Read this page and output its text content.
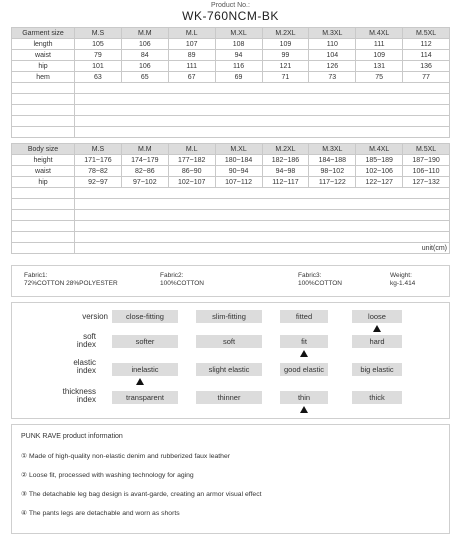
Product No.:
WK-760NCM-BK
Garment size	M.S	M.M	M.L	M.XL	M.2XL	M.3XL	M.4XL	M.5XL
length	105	106	107	108	109	110	111	112
waist	79	84	89	94	99	104	109	114
hip	101	106	111	116	121	126	131	136
hem	63	65	67	69	71	73	75	77

Body size	M.S	M.M	M.L	M.XL	M.2XL	M.3XL	M.4XL	M.5XL
height	171~176	174~179	177~182	180~184	182~186	184~188	185~189	187~190
waist	78~82	82~86	86~90	90~94	94~98	98~102	102~106	106~110
hip	92~97	97~102	102~107	107~112	112~117	117~122	122~127	127~132

	unit(cm)							
Fabric1:
72%COTTON 28%POLYESTER
Fabric2:
100%COTTON
Fabric3:
100%COTTON
Weight:
kg-1.414
version	close-fitting	slim-fitting	fitted	loose
soft
index	softer	soft	fit	hard
elastic
index	inelastic	slight elastic	good elastic	big elastic
thickness
index	transparent	thinner	thin	thick
PUNK RAVE product information
① Made of high-quality non-elastic denim and rubberized faux leather
② Loose fit, processed with washing technology for aging
③ The detachable leg bag design is avant-garde, creating an armor visual effect
④ The pants legs are detachable and worn as shorts
